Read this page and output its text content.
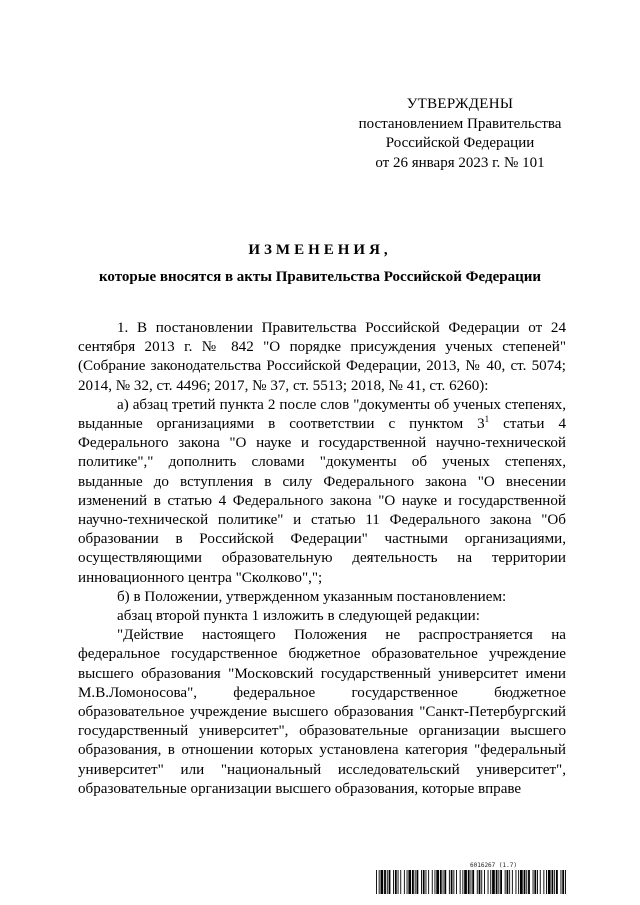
УТВЕРЖДЕНЫ
постановлением Правительства
Российской Федерации
от 26 января 2023 г. № 101
ИЗМЕНЕНИЯ,
которые вносятся в акты Правительства Российской Федерации

1. В постановлении Правительства Российской Федерации от 24 сентября 2013 г. № 842 "О порядке присуждения ученых степеней" (Собрание законодательства Российской Федерации, 2013, № 40, ст. 5074; 2014, № 32, ст. 4496; 2017, № 37, ст. 5513; 2018, № 41, ст. 6260):

а) абзац третий пункта 2 после слов "документы об ученых степенях, выданные организациями в соответствии с пунктом $3^1$ статьи 4 Федерального закона "О науке и государственной научно-технической политике"," дополнить словами "документы об ученых степенях, выданные до вступления в силу Федерального закона "О внесении изменений в статью 4 Федерального закона "О науке и государственной научно-технической политике" и статью 11 Федерального закона "Об образовании в Российской Федерации" частными организациями, осуществляющими образовательную деятельность на территории инновационного центра "Сколково",";

б) в Положении, утвержденном указанным постановлением:

абзац второй пункта 1 изложить в следующей редакции:

"Действие настоящего Положения не распространяется на федеральное государственное бюджетное образовательное учреждение высшего образования "Московский государственный университет имени М.В.Ломоносова", федеральное государственное бюджетное образовательное учреждение высшего образования "Санкт-Петербургский государственный университет", образовательные организации высшего образования, в отношении которых установлена категория "федеральный университет" или "национальный исследовательский университет", образовательные организации высшего образования, которые вправе

6016267 (1.7)
